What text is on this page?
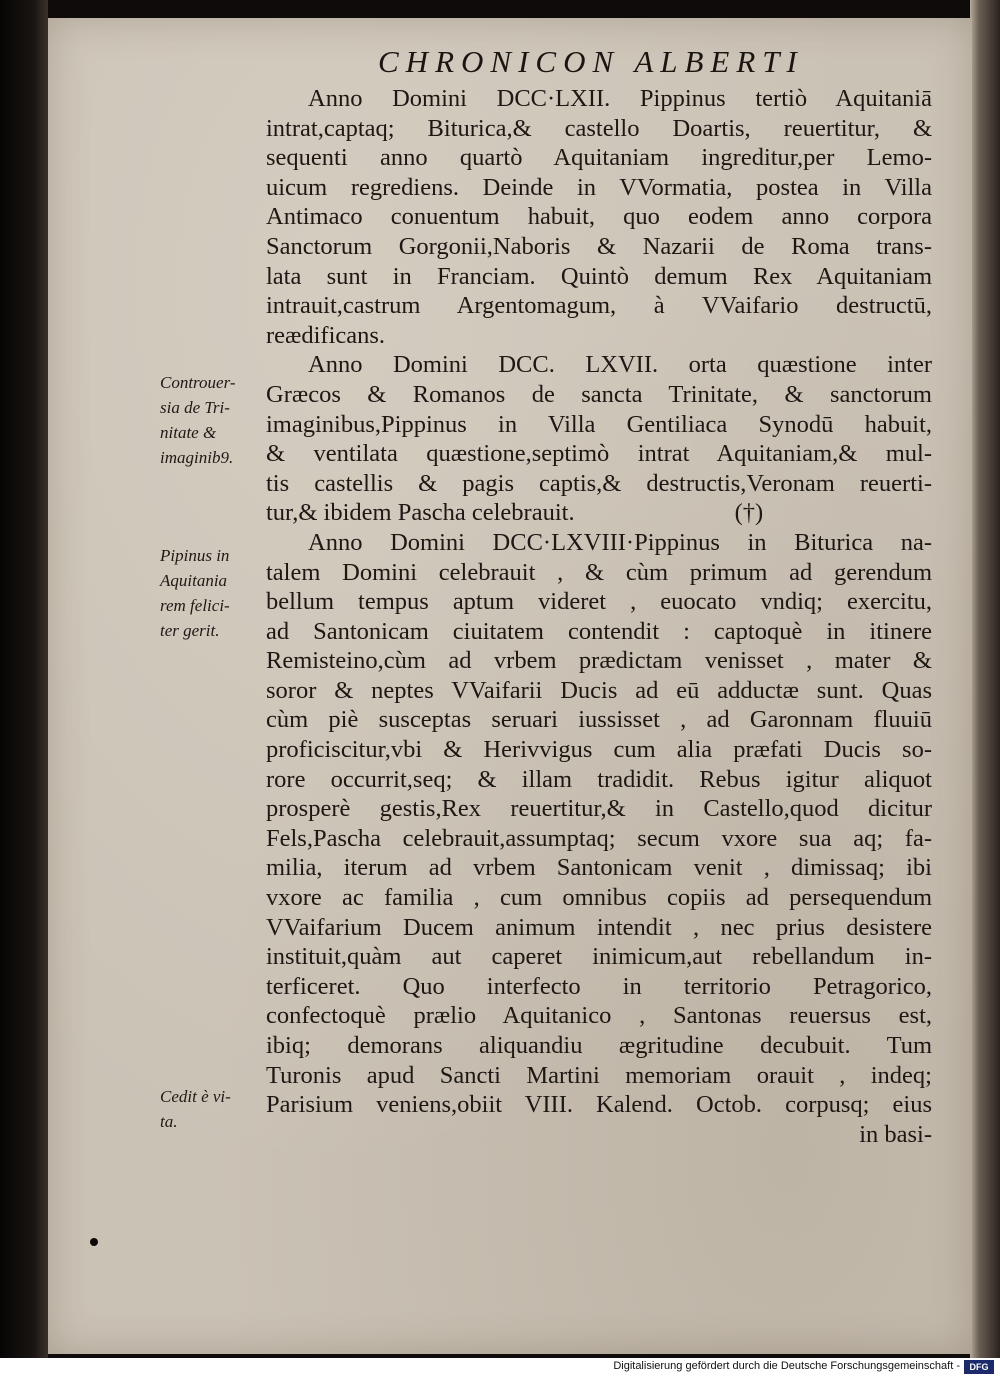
CHRONICON ALBERTI
Anno Domini DCC·LXII. Pippinus tertiò Aquitaniā
intrat,captaq; Biturica,& castello Doartis, reuertitur, &
sequenti anno quartò Aquitaniam ingreditur,per Lemo-
uicum regrediens. Deinde in VVormatia, postea in Villa
Antimaco conuentum habuit, quo eodem anno corpora
Sanctorum Gorgonii,Naboris & Nazarii de Roma trans-
lata sunt in Franciam. Quintò demum Rex Aquitaniam
intrauit,castrum Argentomagum, à VVaifario destructū,
reædificans.
Anno Domini DCC. LXVII. orta quæstione inter
Græcos & Romanos de sancta Trinitate, & sanctorum
imaginibus,Pippinus in Villa Gentiliaca Synodū habuit,
& ventilata quæstione,septimò intrat Aquitaniam,& mul-
tis castellis & pagis captis,& destructis,Veronam reuerti-
tur,& ibidem Pascha celebrauit.	(†)
Anno Domini DCC·LXVIII·Pippinus in Biturica na-
talem Domini celebrauit , & cùm primum ad gerendum
bellum tempus aptum videret , euocato vndiq; exercitu,
ad Santonicam ciuitatem contendit : captoquè in itinere
Remisteino,cùm ad vrbem prædictam venisset , mater &
soror & neptes VVaifarii Ducis ad eū adductæ sunt. Quas
cùm piè susceptas seruari iussisset , ad Garonnam fluuiū
proficiscitur,vbi & Herivvigus cum alia præfati Ducis so-
rore occurrit,seq; & illam tradidit. Rebus igitur aliquot
prosperè gestis,Rex reuertitur,& in Castello,quod dicitur
Fels,Pascha celebrauit,assumptaq; secum vxore sua aq; fa-
milia, iterum ad vrbem Santonicam venit , dimissaq; ibi
vxore ac familia , cum omnibus copiis ad persequendum
VVaifarium Ducem animum intendit , nec prius desistere
instituit,quàm aut caperet inimicum,aut rebellandum in-
terficeret. Quo interfecto in territorio Petragorico,
confectoquè prælio Aquitanico , Santonas reuersus est,
ibiq; demorans aliquandiu ægritudine decubuit. Tum
Turonis apud Sancti Martini memoriam orauit , indeq;
Parisium veniens,obiit VIII. Kalend. Octob. corpusq; eius
in basi-
Controuer-
sia de Tri-
nitate &
imaginib9.
Pipinus in
Aquitania
rem felici-
ter gerit.
Cedit è vi-
ta.
Digitalisierung gefördert durch die Deutsche Forschungsgemeinschaft -	DFG
